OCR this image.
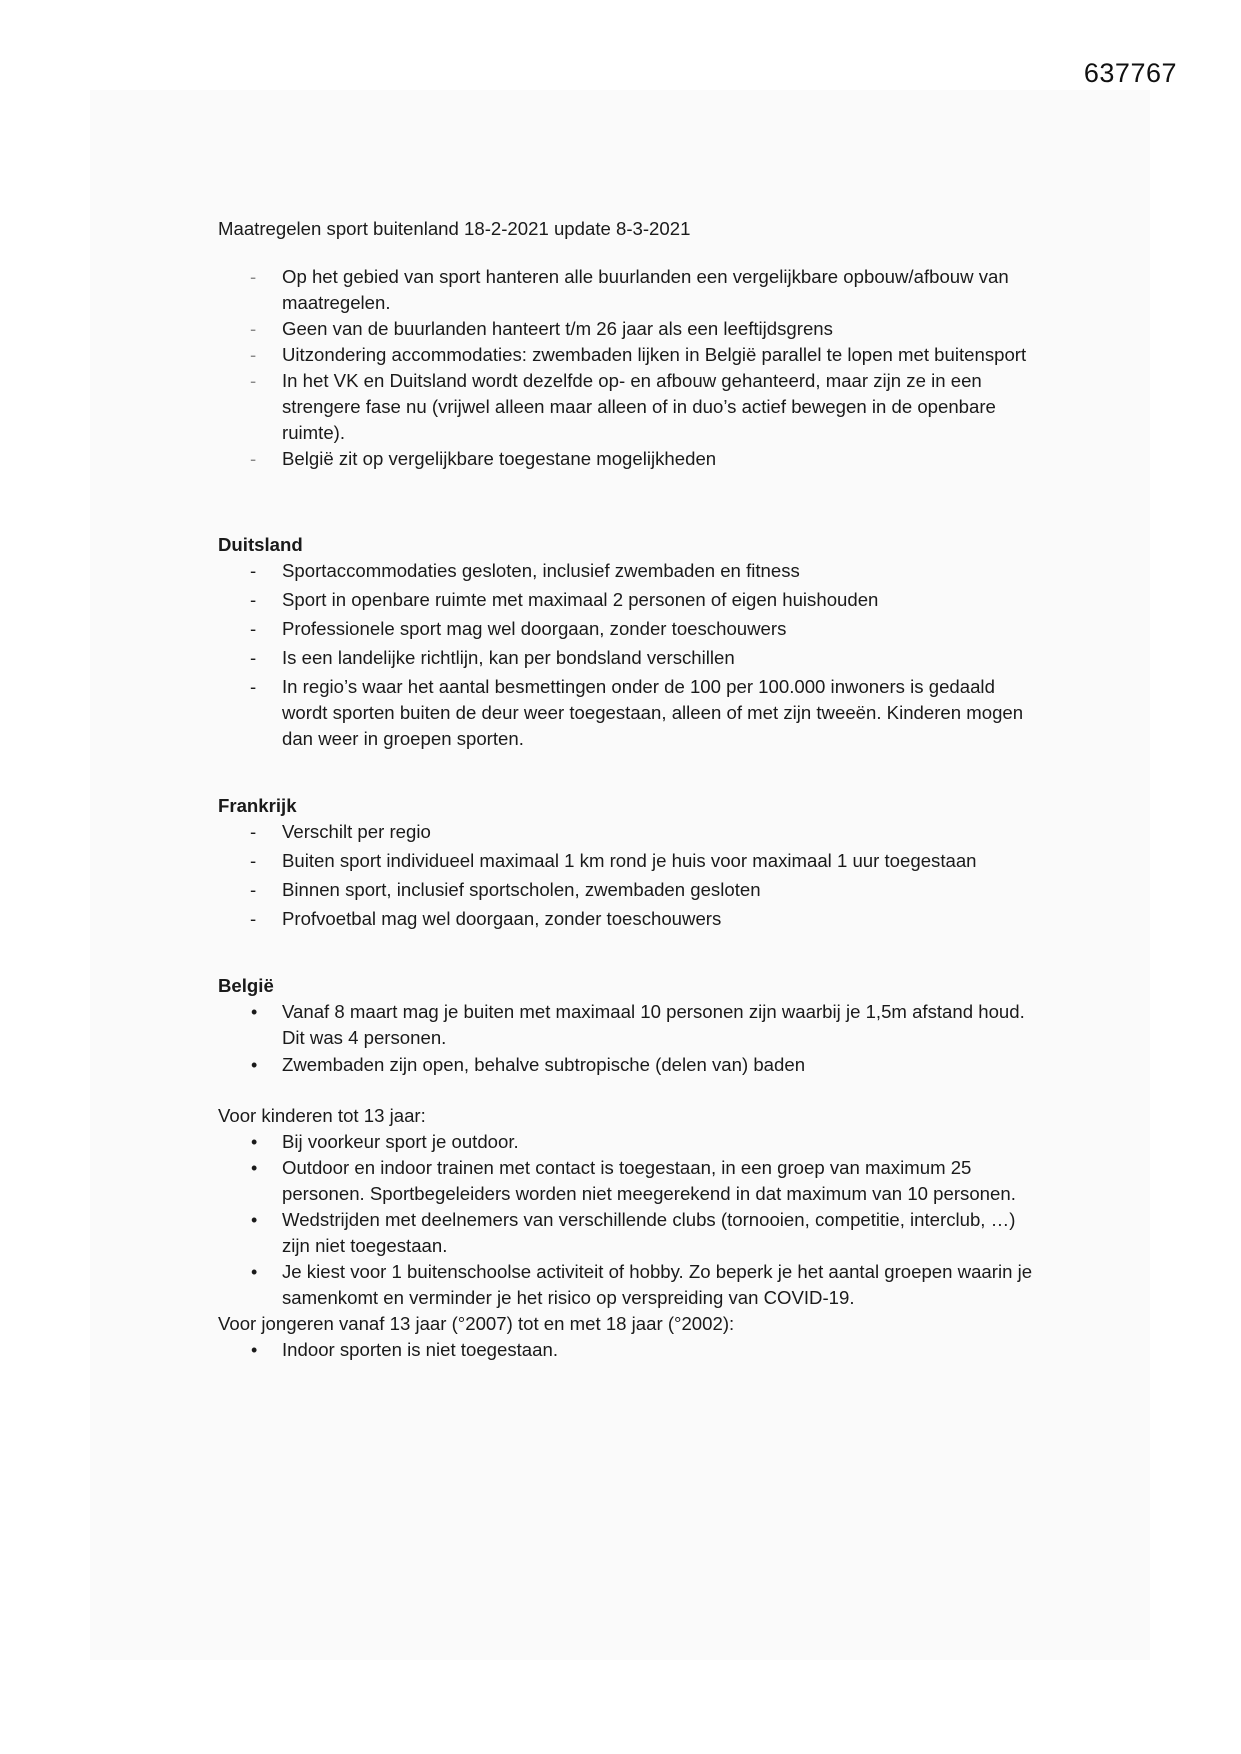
637767

Maatregelen sport buitenland 18-2-2021 update 8-3-2021

- Op het gebied van sport hanteren alle buurlanden een vergelijkbare opbouw/afbouw van maatregelen.
- Geen van de buurlanden hanteert t/m 26 jaar als een leeftijdsgrens
- Uitzondering accommodaties: zwembaden lijken in België parallel te lopen met buitensport
- In het VK en Duitsland wordt dezelfde op- en afbouw gehanteerd, maar zijn ze in een strengere fase nu (vrijwel alleen maar alleen of in duo’s actief bewegen in de openbare ruimte).
- België zit op vergelijkbare toegestane mogelijkheden

Duitsland

- Sportaccommodaties gesloten, inclusief zwembaden en fitness
- Sport in openbare ruimte met maximaal 2 personen of eigen huishouden
- Professionele sport mag wel doorgaan, zonder toeschouwers
- Is een landelijke richtlijn, kan per bondsland verschillen
- In regio’s waar het aantal besmettingen onder de 100 per 100.000 inwoners is gedaald wordt sporten buiten de deur weer toegestaan, alleen of met zijn tweeën. Kinderen mogen dan weer in groepen sporten.

Frankrijk

- Verschilt per regio
- Buiten sport individueel maximaal 1 km rond je huis voor maximaal 1 uur toegestaan
- Binnen sport, inclusief sportscholen, zwembaden gesloten
- Profvoetbal mag wel doorgaan, zonder toeschouwers

België

• Vanaf 8 maart mag je buiten met maximaal 10 personen zijn waarbij je 1,5m afstand houd. Dit was 4 personen.
• Zwembaden zijn open, behalve subtropische (delen van) baden

Voor kinderen tot 13 jaar:

• Bij voorkeur sport je outdoor.
• Outdoor en indoor trainen met contact is toegestaan, in een groep van maximum 25 personen. Sportbegeleiders worden niet meegerekend in dat maximum van 10 personen.
• Wedstrijden met deelnemers van verschillende clubs (tornooien, competitie, interclub, …) zijn niet toegestaan.
• Je kiest voor 1 buitenschoolse activiteit of hobby. Zo beperk je het aantal groepen waarin je samenkomt en verminder je het risico op verspreiding van COVID-19.

Voor jongeren vanaf 13 jaar (°2007) tot en met 18 jaar (°2002):

• Indoor sporten is niet toegestaan.
